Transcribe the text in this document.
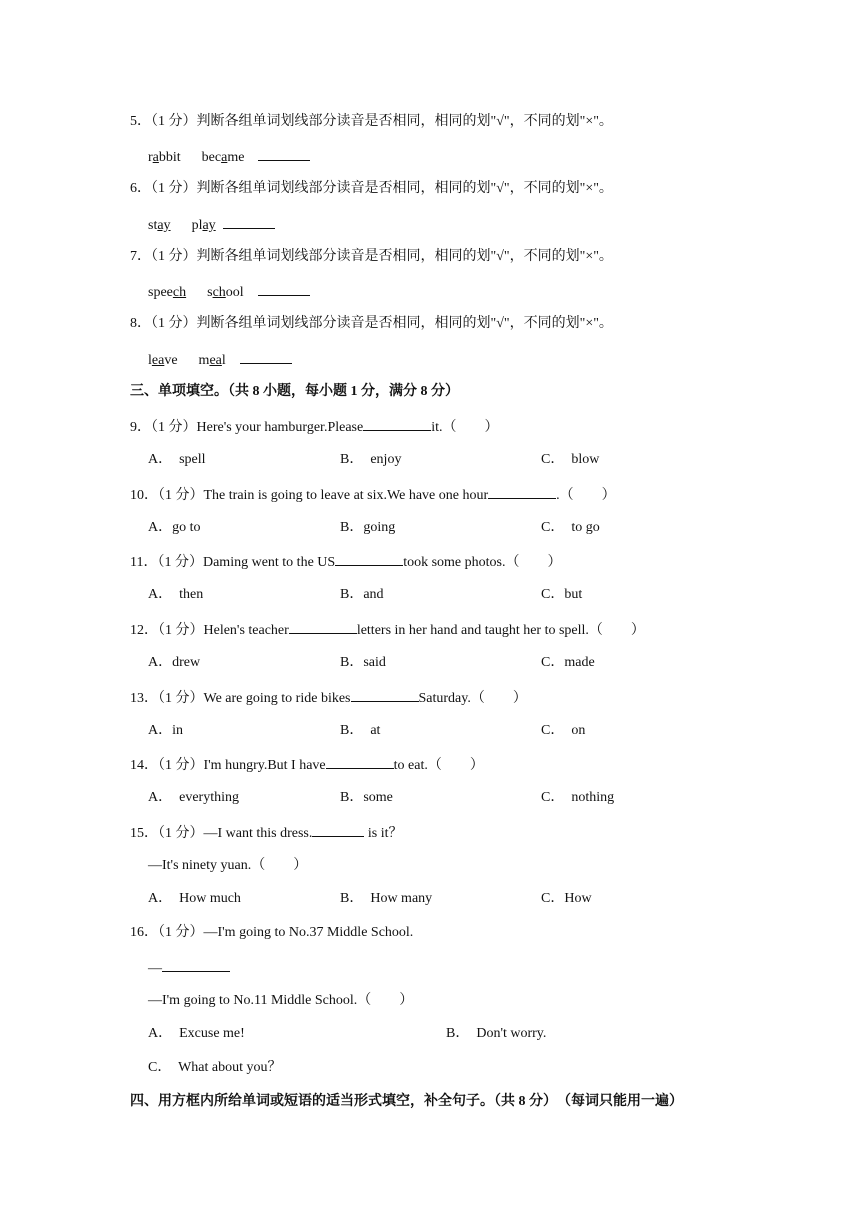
5．（1 分）判断各组单词划线部分读音是否相同，相同的划"√"，不同的划"×"。
rabbit became
6．（1 分）判断各组单词划线部分读音是否相同，相同的划"√"，不同的划"×"。
stay play
7．（1 分）判断各组单词划线部分读音是否相同，相同的划"√"，不同的划"×"。
speech school
8．（1 分）判断各组单词划线部分读音是否相同，相同的划"√"，不同的划"×"。
leave meal
三、单项填空。（共 8 小题，每小题 1 分，满分 8 分）
9．（1 分）Here's your hamburger.Please	it.（　　）
A．  spell	B．  enjoy	C．  blow
10．（1 分）The train is going to leave at six.We have one hour	.（　　）
A．go to	B．going	C．  to go
11．（1 分）Daming went to the US	took some photos.（　　）
A．  then	B．and	C．but
12．（1 分）Helen's teacher	letters in her hand and taught her to spell.（　　）
A．drew	B．said	C．made
13．（1 分）We are going to ride bikes	Saturday.（　　）
A．in	B．  at	C．  on
14．（1 分）I'm hungry.But I have	to eat.（　　）
A．  everything	B．some	C．  nothing
15．（1 分）—I want this dress.	is it？
—It's ninety yuan.（　　）
A．  How much	B．  How many	C．How
16．（1 分）—I'm going to No.37 Middle School.
—
—I'm going to No.11 Middle School.（　　）
A．  Excuse me!	B．  Don't worry.
C．  What about you？
四、用方框内所给单词或短语的适当形式填空，补全句子。（共 8 分）　（每词只能用一遍）
